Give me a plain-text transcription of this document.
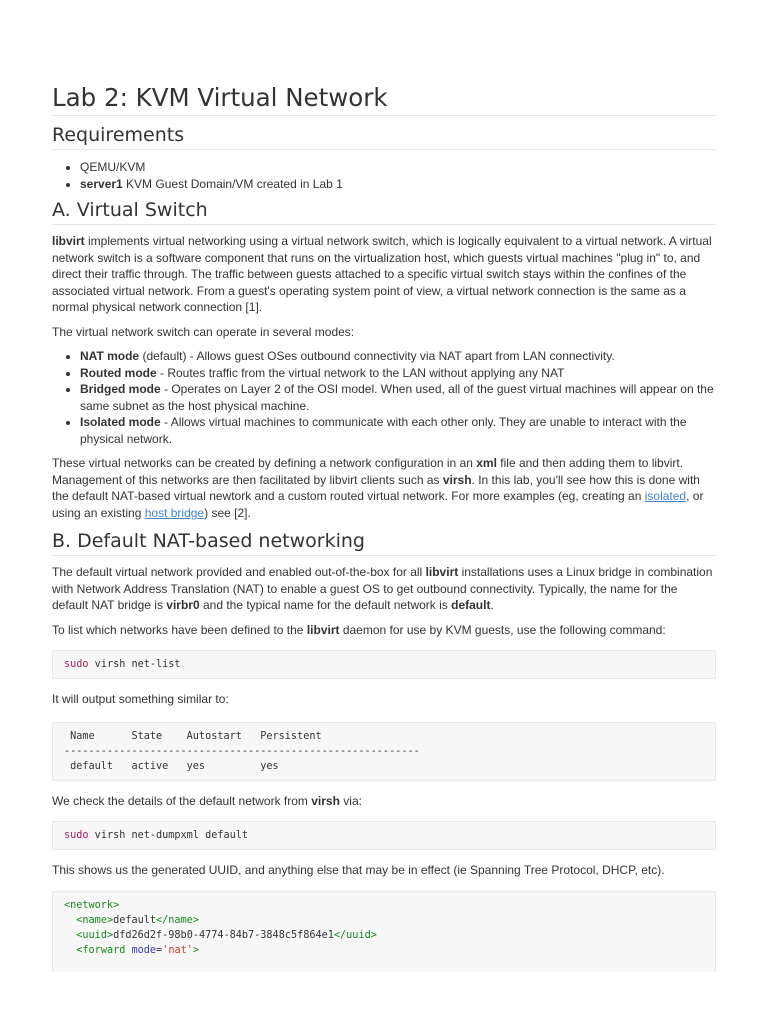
Lab 2: KVM Virtual Network
Requirements
• QEMU/KVM
• server1 KVM Guest Domain/VM created in Lab 1
A. Virtual Switch

libvirt implements virtual networking using a virtual network switch, which is logically equivalent to a virtual network. A virtual network switch is a software component that runs on the virtualization host, which guests virtual machines "plug in" to, and direct their traffic through. The traffic between guests attached to a specific virtual switch stays within the confines of the associated virtual network. From a guest's operating system point of view, a virtual network connection is the same as a normal physical network connection [1].

The virtual network switch can operate in several modes:

• NAT mode (default) - Allows guest OSes outbound connectivity via NAT apart from LAN connectivity.
• Routed mode - Routes traffic from the virtual network to the LAN without applying any NAT
• Bridged mode - Operates on Layer 2 of the OSI model. When used, all of the guest virtual machines will appear on the same subnet as the host physical machine.
• Isolated mode - Allows virtual machines to communicate with each other only. They are unable to interact with the physical network.

These virtual networks can be created by defining a network configuration in an xml file and then adding them to libvirt. Management of this networks are then facilitated by libvirt clients such as virsh. In this lab, you'll see how this is done with the default NAT-based virtual newtork and a custom routed virtual network. For more examples (eg, creating an isolated, or using an existing host bridge) see [2].

B. Default NAT-based networking

The default virtual network provided and enabled out-of-the-box for all libvirt installations uses a Linux bridge in combination with Network Address Translation (NAT) to enable a guest OS to get outbound connectivity. Typically, the name for the default NAT bridge is virbr0 and the typical name for the default network is default.

To list which networks have been defined to the libvirt daemon for use by KVM guests, use the following command:

sudo virsh net-list

It will output something similar to:

Name      State    Autostart   Persistent
----------------------------------------------------------
default   active   yes         yes

We check the details of the default network from virsh via:

sudo virsh net-dumpxml default

This shows us the generated UUID, and anything else that may be in effect (ie Spanning Tree Protocol, DHCP, etc).

<network>
<name>default</name>
<uuid>dfd26d2f-98b0-4774-84b7-3848c5f864e1</uuid>
<forward mode='nat'>
